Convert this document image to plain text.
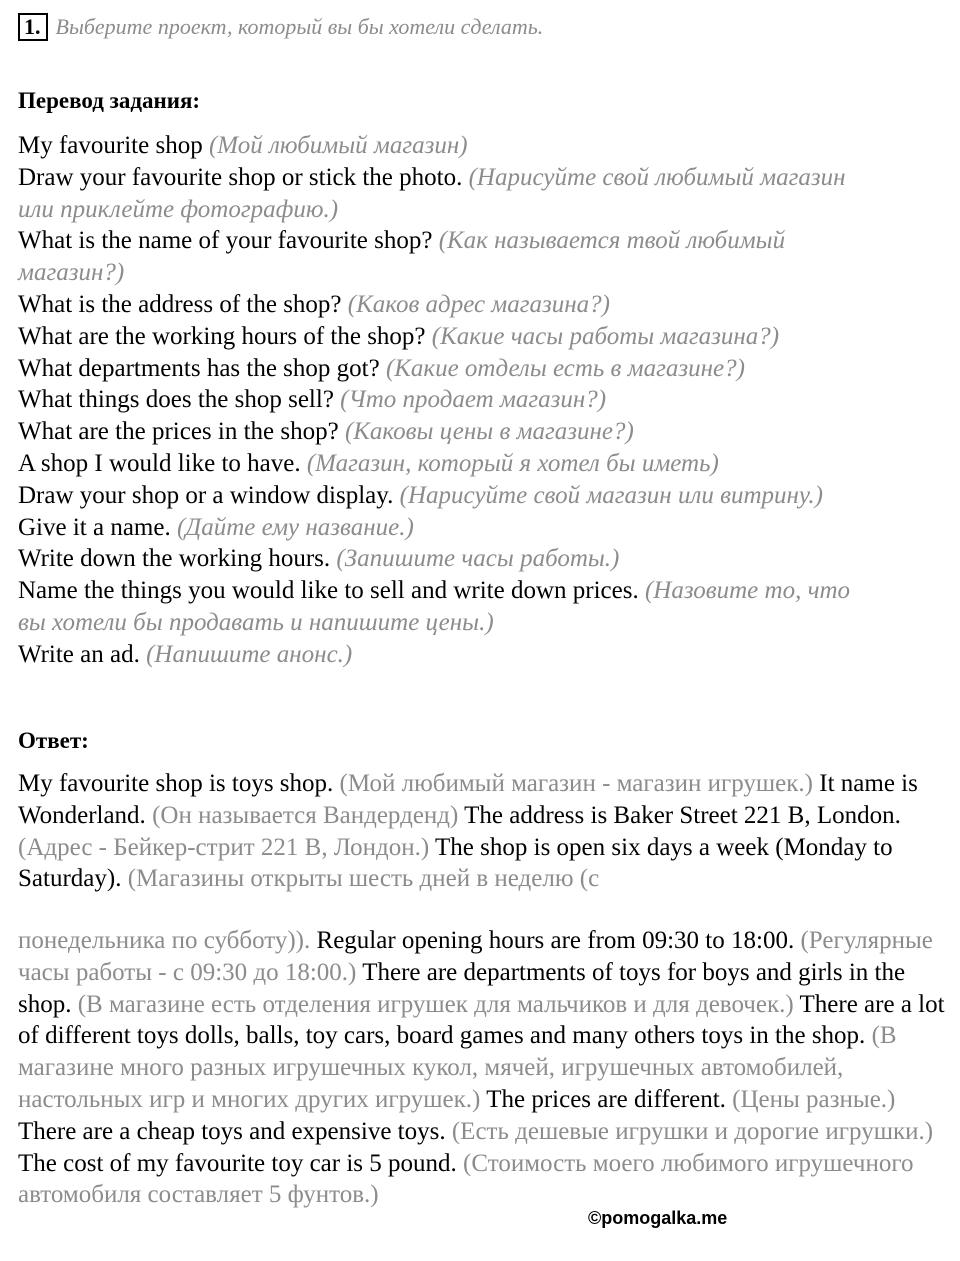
1. Выберите проект, который вы бы хотели сделать.
Перевод задания:
My favourite shop (Мой любимый магазин)
Draw your favourite shop or stick the photo. (Нарисуйте свой любимый магазин
или приклейте фотографию.)
What is the name of your favourite shop? (Как называется твой любимый
магазин?)
What is the address of the shop? (Каков адрес магазина?)
What are the working hours of the shop? (Какие часы работы магазина?)
What departments has the shop got? (Какие отделы есть в магазине?)
What things does the shop sell? (Что продает магазин?)
What are the prices in the shop? (Каковы цены в магазине?)
A shop I would like to have. (Магазин, который я хотел бы иметь)
Draw your shop or a window display. (Нарисуйте свой магазин или витрину.)
Give it a name. (Дайте ему название.)
Write down the working hours. (Запишите часы работы.)
Name the things you would like to sell and write down prices. (Назовите то, что
вы хотели бы продавать и напишите цены.)
Write an ad. (Напишите анонс.)
Ответ:
My favourite shop is toys shop. (Мой любимый магазин - магазин игрушек.) It name is Wonderland. (Он называется Вандерденд) The address is Baker Street 221 B, London. (Адрес - Бейкер-стрит 221 B, Лондон.) The shop is open six days a week (Monday to Saturday). (Магазины открыты шесть дней в неделю (с
понедельника по субботу)). Regular opening hours are from 09:30 to 18:00. (Регулярные часы работы - с 09:30 до 18:00.) There are departments of toys for boys and girls in the shop. (В магазине есть отделения игрушек для мальчиков и для девочек.) There are a lot of different toys dolls, balls, toy cars, board games and many others toys in the shop. (В магазине много разных игрушечных кукол, мячей, игрушечных автомобилей, настольных игр и многих других игрушек.) The prices are different. (Цены разные.) There are a cheap toys and expensive toys. (Есть дешевые игрушки и дорогие игрушки.) The cost of my favourite toy car is 5 pound. (Стоимость моего любимого игрушечного автомобиля составляет 5 фунтов.)
©pomogalka.me
